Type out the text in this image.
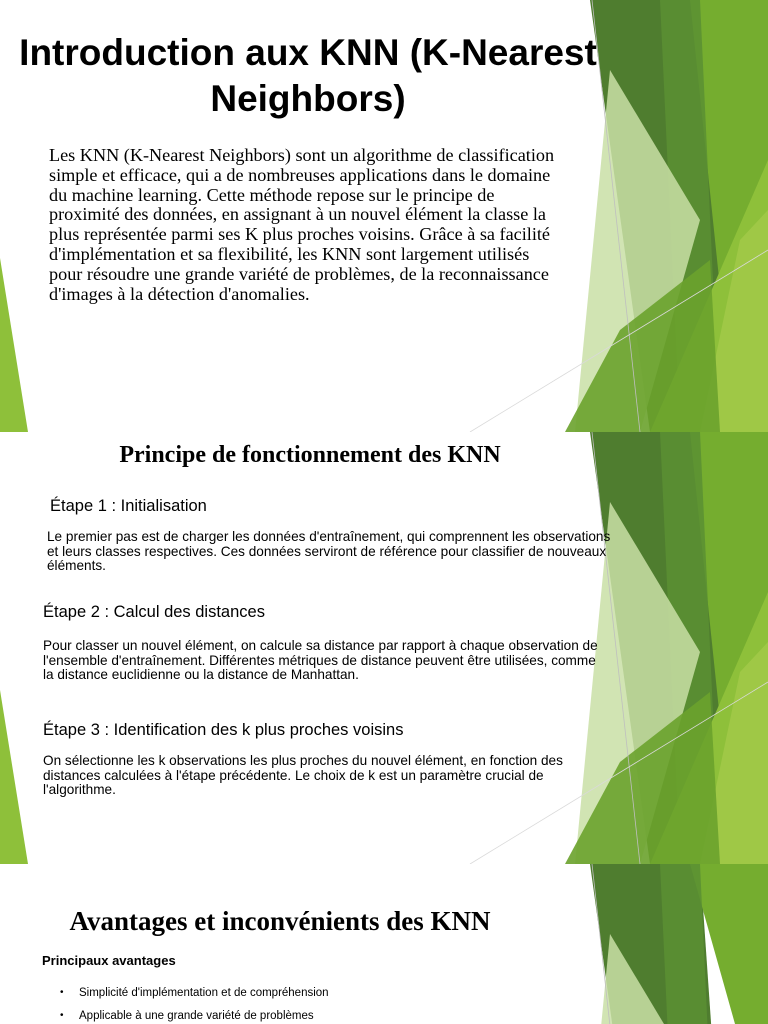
Introduction aux KNN (K-Nearest Neighbors)
Les KNN (K-Nearest Neighbors) sont un algorithme de classification simple et efficace, qui a de nombreuses applications dans le domaine du machine learning. Cette méthode repose sur le principe de proximité des données, en assignant à un nouvel élément la classe la plus représentée parmi ses K plus proches voisins. Grâce à sa facilité d'implémentation et sa flexibilité, les KNN sont largement utilisés pour résoudre une grande variété de problèmes, de la reconnaissance d'images à la détection d'anomalies.
Principe de fonctionnement des KNN
Étape 1 : Initialisation
Le premier pas est de charger les données d'entraînement, qui comprennent les observations et leurs classes respectives. Ces données serviront de référence pour classifier de nouveaux éléments.
Étape 2 : Calcul des distances
Pour classer un nouvel élément, on calcule sa distance par rapport à chaque observation de l'ensemble d'entraînement. Différentes métriques de distance peuvent être utilisées, comme la distance euclidienne ou la distance de Manhattan.
Étape 3 : Identification des k plus proches voisins
On sélectionne les k observations les plus proches du nouvel élément, en fonction des distances calculées à l'étape précédente. Le choix de k est un paramètre crucial de l'algorithme.
Avantages et inconvénients des KNN
Principaux avantages
• Simplicité d'implémentation et de compréhension
• Applicable à une grande variété de problèmes
